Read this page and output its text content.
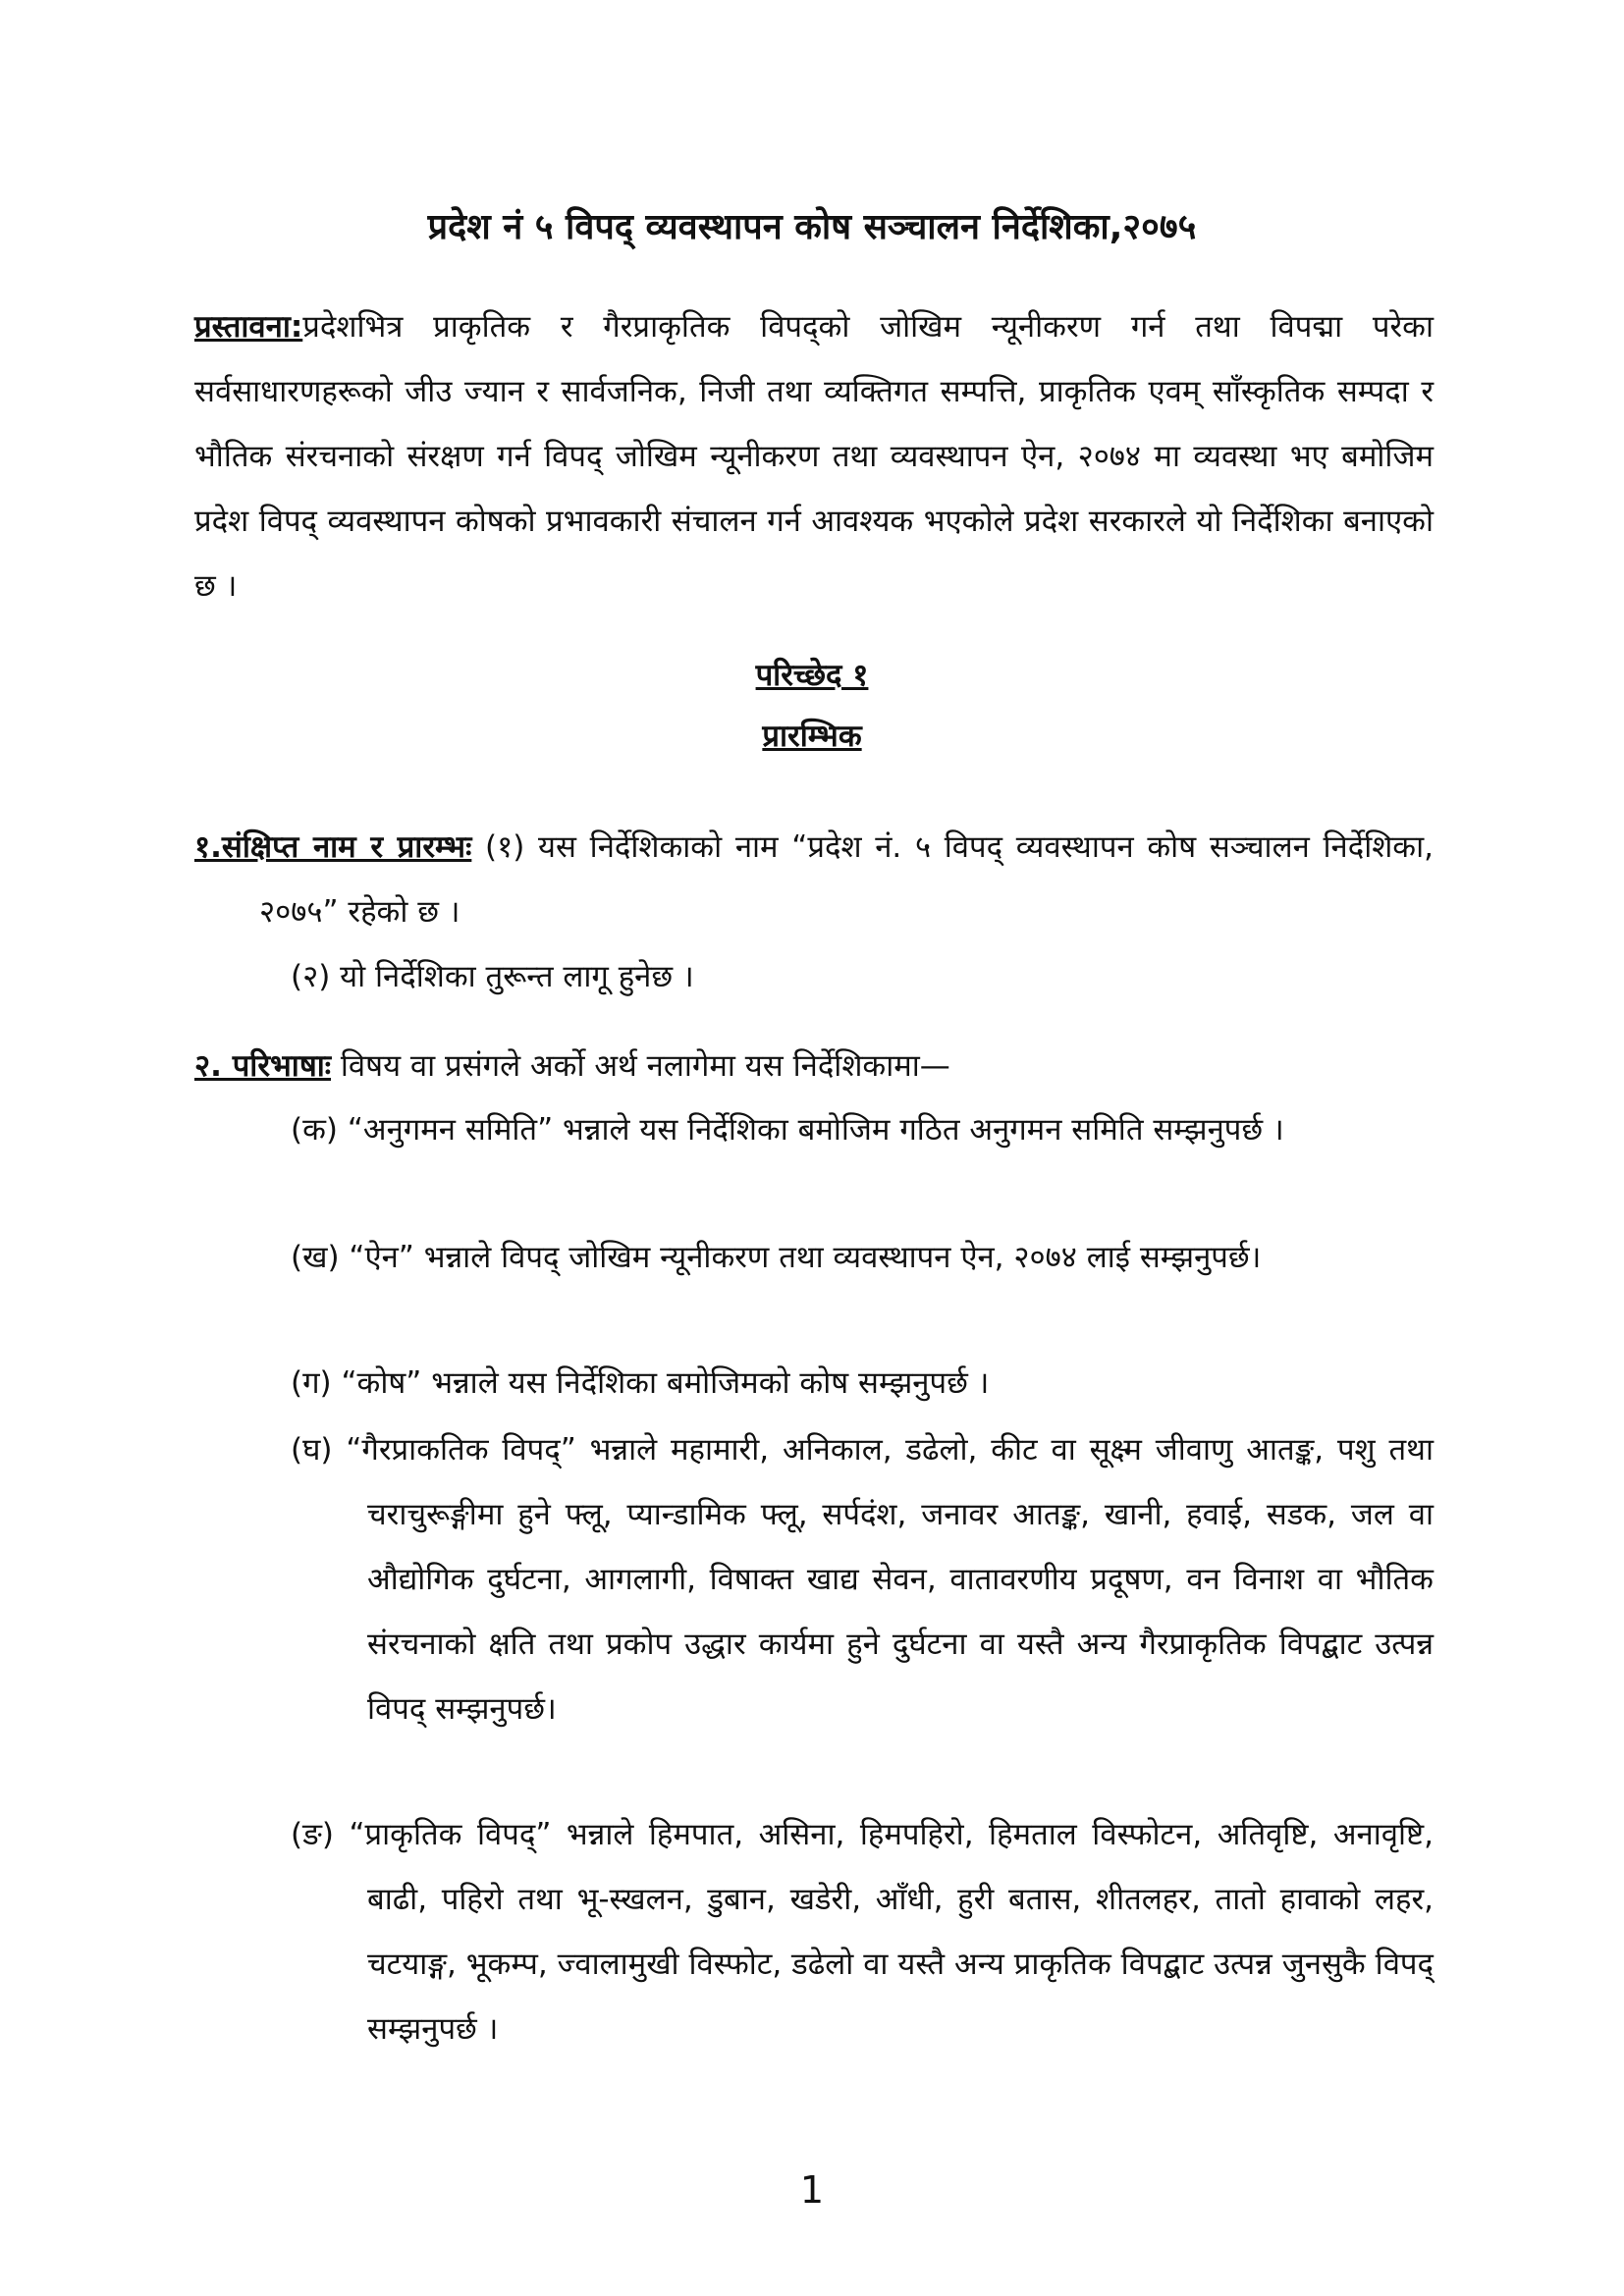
प्रदेश नं ५ विपद् व्यवस्थापन कोष सञ्चालन निर्देशिका,२०७५
प्रस्तावना:प्रदेशभित्र प्राकृतिक र गैरप्राकृतिक विपद्को जोखिम न्यूनीकरण गर्न तथा विपद्मा परेका सर्वसाधारणहरूको जीउ ज्यान र सार्वजनिक, निजी तथा व्यक्तिगत सम्पत्ति, प्राकृतिक एवम् साँस्कृतिक सम्पदा र भौतिक संरचनाको संरक्षण गर्न विपद् जोखिम न्यूनीकरण तथा व्यवस्थापन ऐन, २०७४ मा व्यवस्था भए बमोजिम प्रदेश विपद् व्यवस्थापन कोषको प्रभावकारी संचालन गर्न आवश्यक भएकोले प्रदेश सरकारले यो निर्देशिका बनाएको छ ।
परिच्छेद १
प्रारम्भिक
१.संक्षिप्त नाम र प्रारम्भः (१) यस निर्देशिकाको नाम “प्रदेश नं. ५ विपद् व्यवस्थापन कोष सञ्चालन निर्देशिका, २०७५” रहेको छ ।
(२) यो निर्देशिका तुरून्त लागू हुनेछ ।
२. परिभाषाः विषय वा प्रसंगले अर्को अर्थ नलागेमा यस निर्देशिकामा—
(क) “अनुगमन समिति” भन्नाले यस निर्देशिका बमोजिम गठित अनुगमन समिति सम्झनुपर्छ ।
(ख) “ऐन” भन्नाले विपद् जोखिम न्यूनीकरण तथा व्यवस्थापन ऐन, २०७४ लाई सम्झनुपर्छ।
(ग) “कोष” भन्नाले यस निर्देशिका बमोजिमको कोष सम्झनुपर्छ ।
(घ) “गैरप्राकतिक विपद्” भन्नाले महामारी, अनिकाल, डढेलो, कीट वा सूक्ष्म जीवाणु आतङ्क, पशु तथा चराचुरूङ्गीमा हुने फ्लू, प्यान्डामिक फ्लू, सर्पदंश, जनावर आतङ्क, खानी, हवाई, सडक, जल वा औद्योगिक दुर्घटना, आगलागी, विषाक्त खाद्य सेवन, वातावरणीय प्रदूषण, वन विनाश वा भौतिक संरचनाको क्षति तथा प्रकोप उद्धार कार्यमा हुने दुर्घटना वा यस्तै अन्य गैरप्राकृतिक विपद्बाट उत्पन्न विपद् सम्झनुपर्छ।
(ङ) “प्राकृतिक विपद्” भन्नाले हिमपात, असिना, हिमपहिरो, हिमताल विस्फोटन, अतिवृष्टि, अनावृष्टि, बाढी, पहिरो तथा भू-स्खलन, डुबान, खडेरी, आँधी, हुरी बतास, शीतलहर, तातो हावाको लहर, चटयाङ्ग, भूकम्प, ज्वालामुखी विस्फोट, डढेलो वा यस्तै अन्य प्राकृतिक विपद्बाट उत्पन्न जुनसुकै विपद् सम्झनुपर्छ ।
1
